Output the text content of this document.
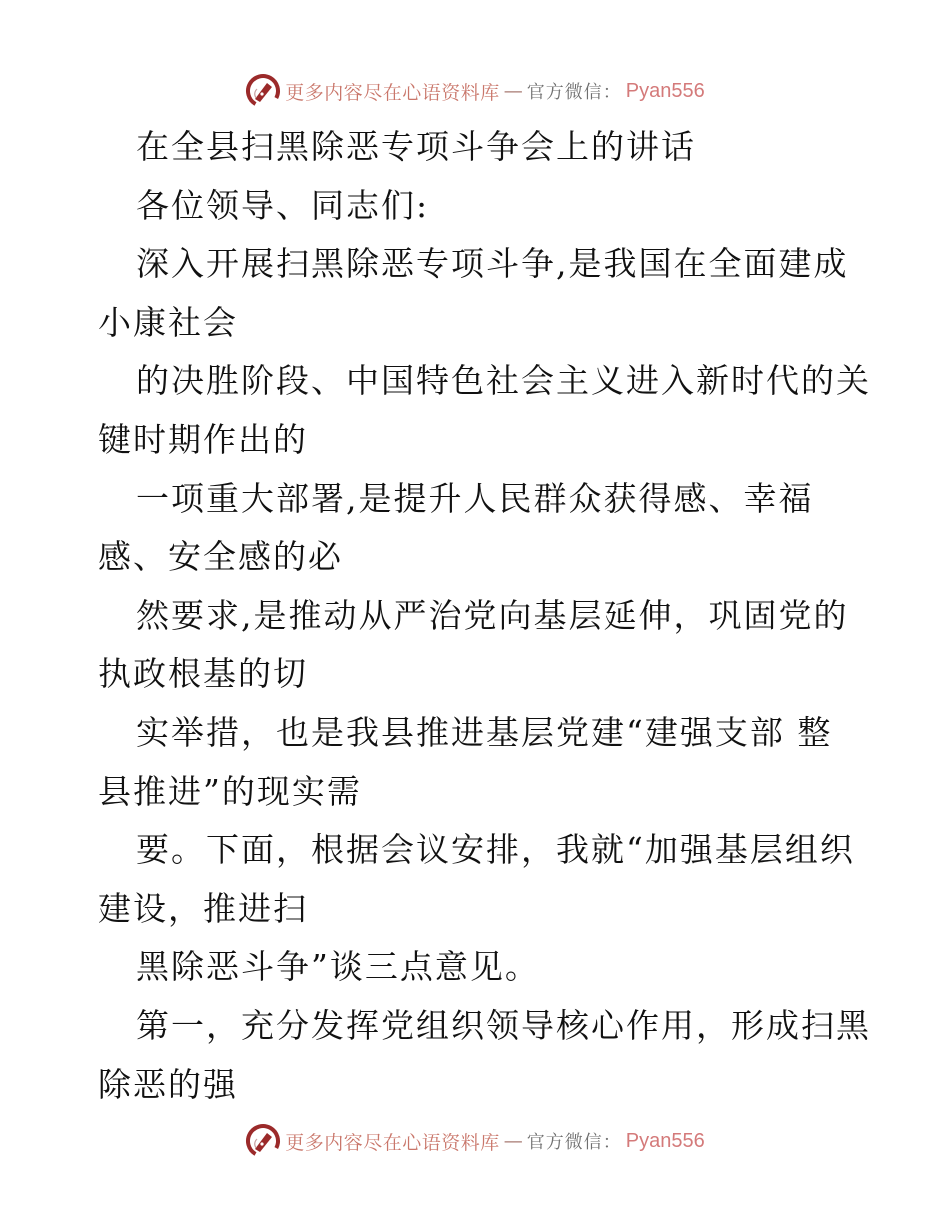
更多内容尽在心语资料库 — 官方微信： Pyan556
在全县扫黑除恶专项斗争会上的讲话
各位领导、同志们:
深入开展扫黑除恶专项斗争,是我国在全面建成
小康社会
的决胜阶段、中国特色社会主义进入新时代的关
键时期作出的
一项重大部署,是提升人民群众获得感、幸福
感、安全感的必
然要求,是推动从严治党向基层延伸，巩固党的
执政根基的切
实举措，也是我县推进基层党建“建强支部 整
县推进”的现实需
要。下面，根据会议安排，我就“加强基层组织
建设，推进扫
黑除恶斗争”谈三点意见。
第一，充分发挥党组织领导核心作用，形成扫黑
除恶的强
更多内容尽在心语资料库 — 官方微信： Pyan556
